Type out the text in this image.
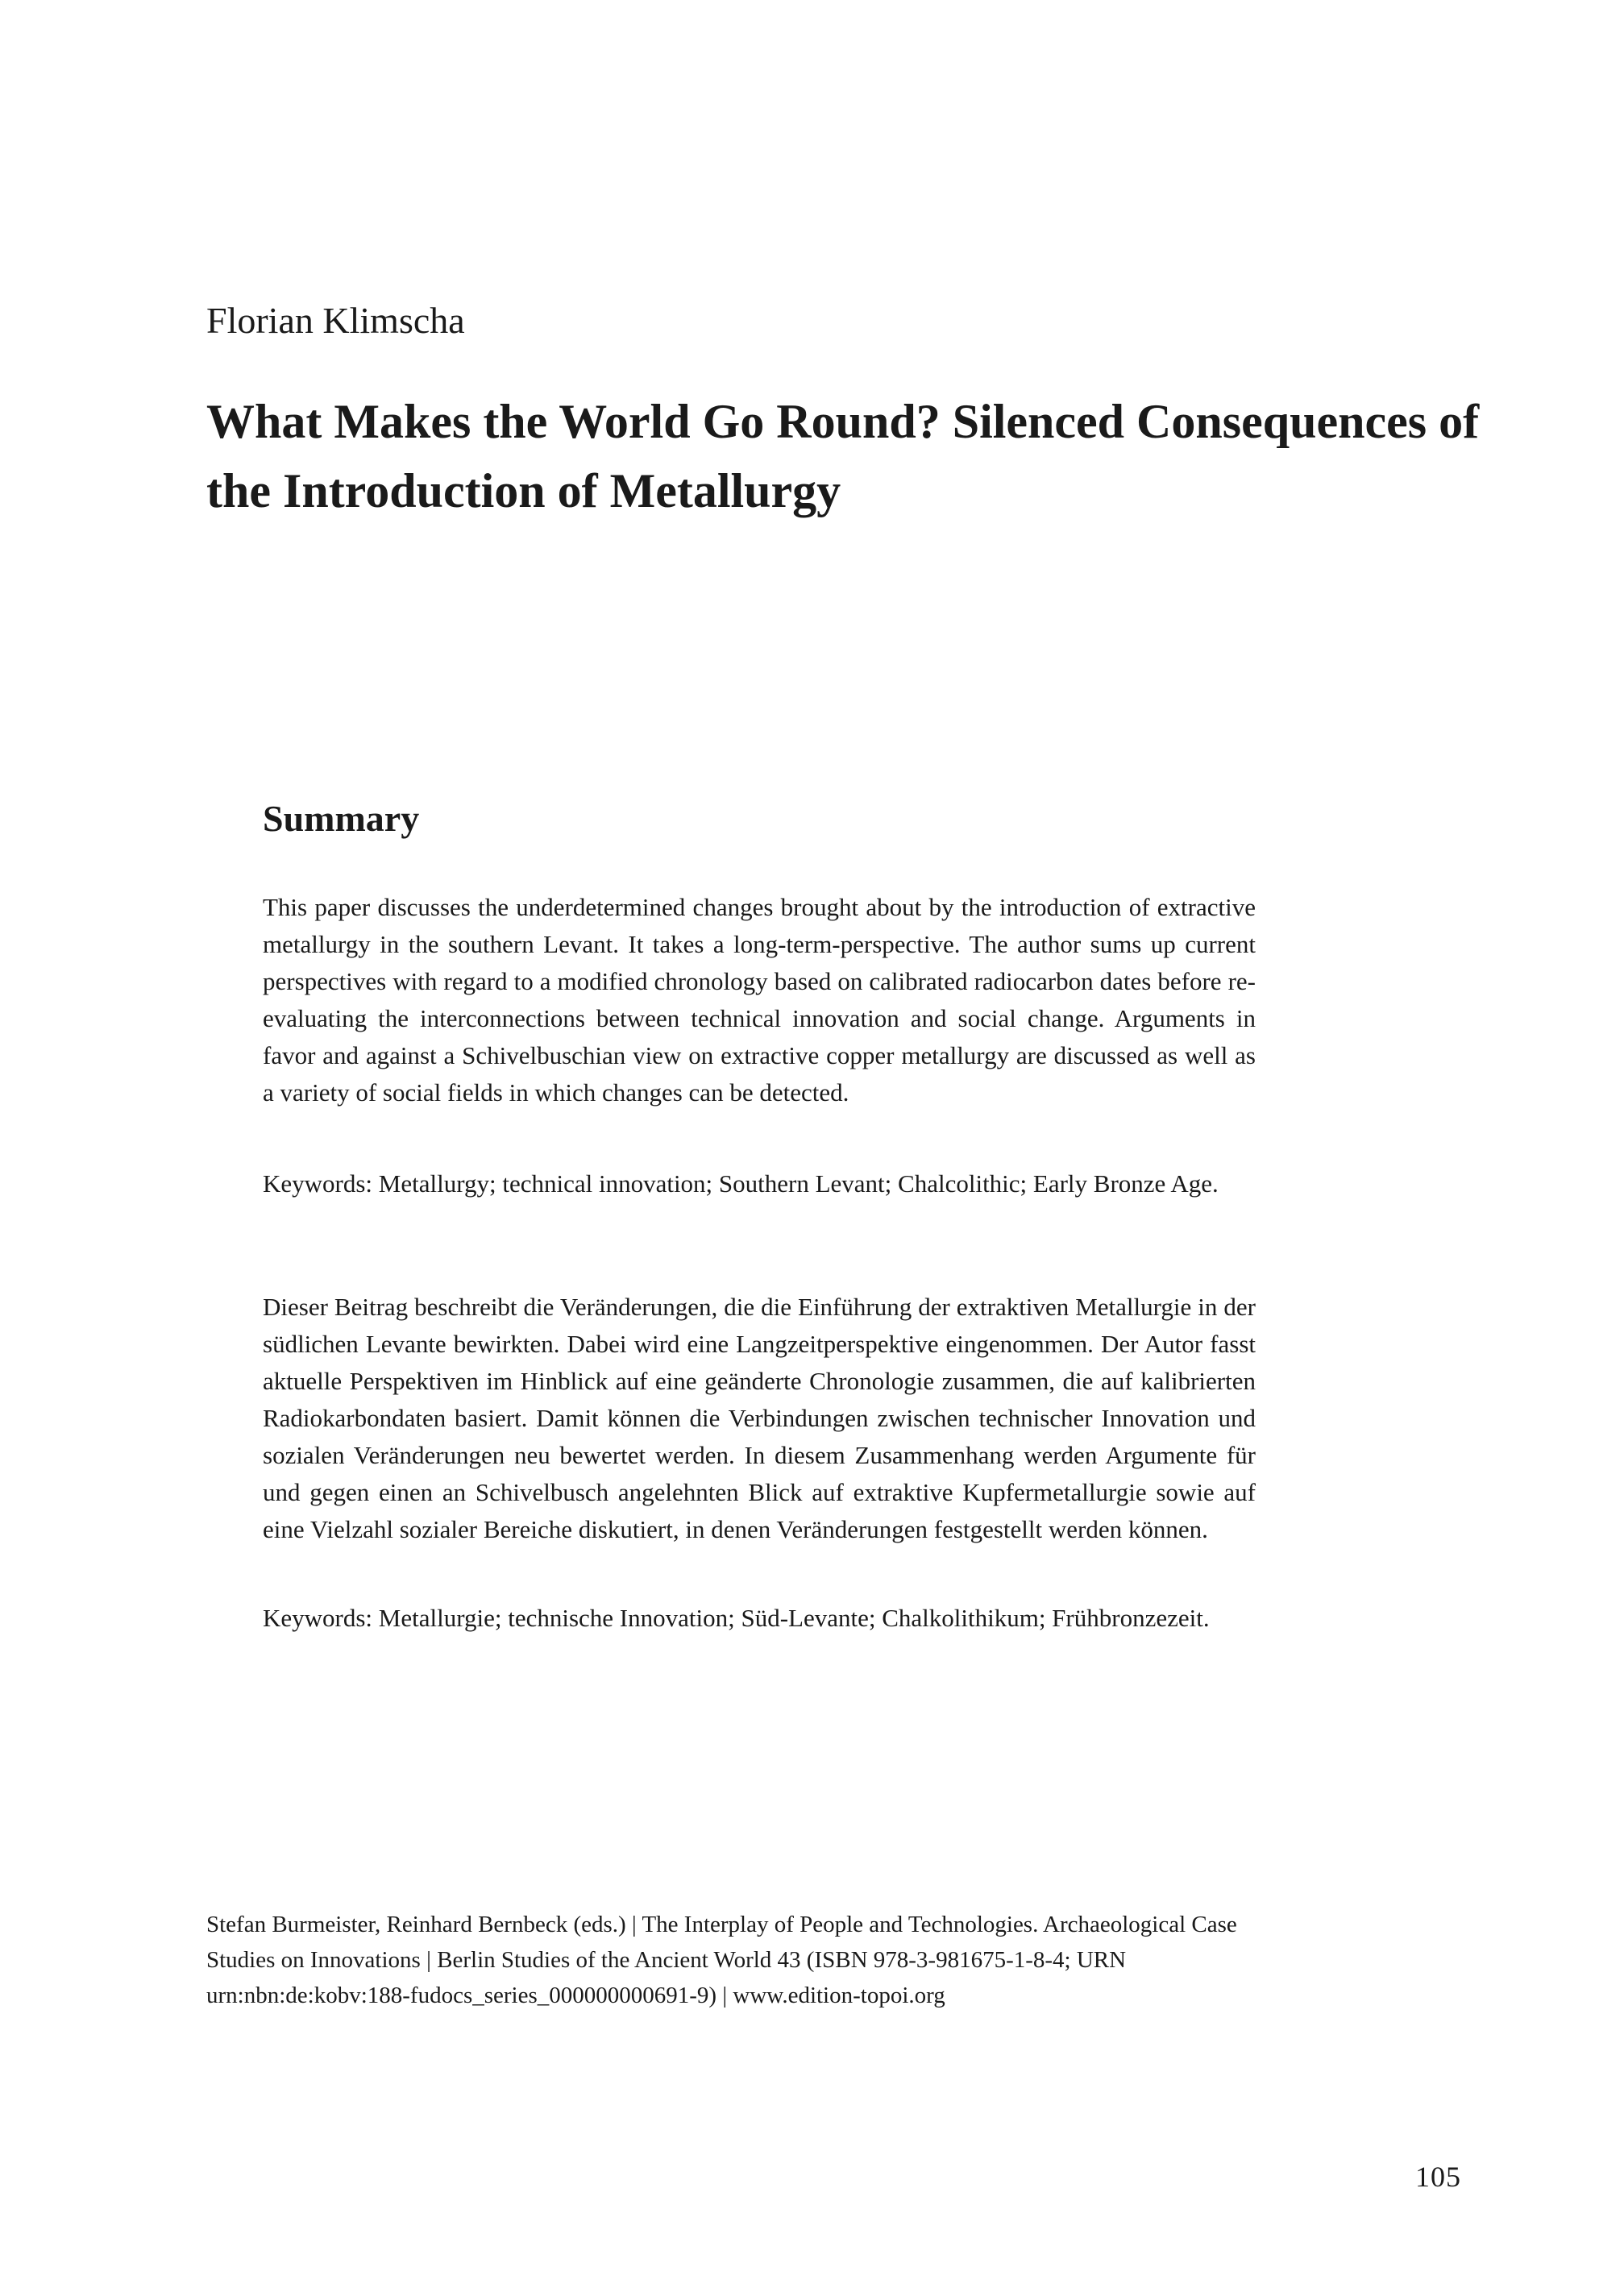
Florian Klimscha
What Makes the World Go Round? Silenced Consequences of the Introduction of Metallurgy
Summary

This paper discusses the underdetermined changes brought about by the introduction of extractive metallurgy in the southern Levant. It takes a long-term-perspective. The author sums up current perspectives with regard to a modified chronology based on calibrated radiocarbon dates before re-evaluating the interconnections between technical innovation and social change. Arguments in favor and against a Schivelbuschian view on extractive copper metallurgy are discussed as well as a variety of social fields in which changes can be detected.

Keywords: Metallurgy; technical innovation; Southern Levant; Chalcolithic; Early Bronze Age.

Dieser Beitrag beschreibt die Veränderungen, die die Einführung der extraktiven Metallurgie in der südlichen Levante bewirkten. Dabei wird eine Langzeitperspektive eingenommen. Der Autor fasst aktuelle Perspektiven im Hinblick auf eine geänderte Chronologie zusammen, die auf kalibrierten Radiokarbondaten basiert. Damit können die Verbindungen zwischen technischer Innovation und sozialen Veränderungen neu bewertet werden. In diesem Zusammenhang werden Argumente für und gegen einen an Schivelbusch angelehnten Blick auf extraktive Kupfermetallurgie sowie auf eine Vielzahl sozialer Bereiche diskutiert, in denen Veränderungen festgestellt werden können.

Keywords: Metallurgie; technische Innovation; Süd-Levante; Chalkolithikum; Frühbronzezeit.

Stefan Burmeister, Reinhard Bernbeck (eds.) | The Interplay of People and Technologies. Archaeological Case Studies on Innovations | Berlin Studies of the Ancient World 43 (ISBN 978-3-981675-1-8-4; URN urn:nbn:de:kobv:188-fudocs_series_000000000691-9) | www.edition-topoi.org

105
